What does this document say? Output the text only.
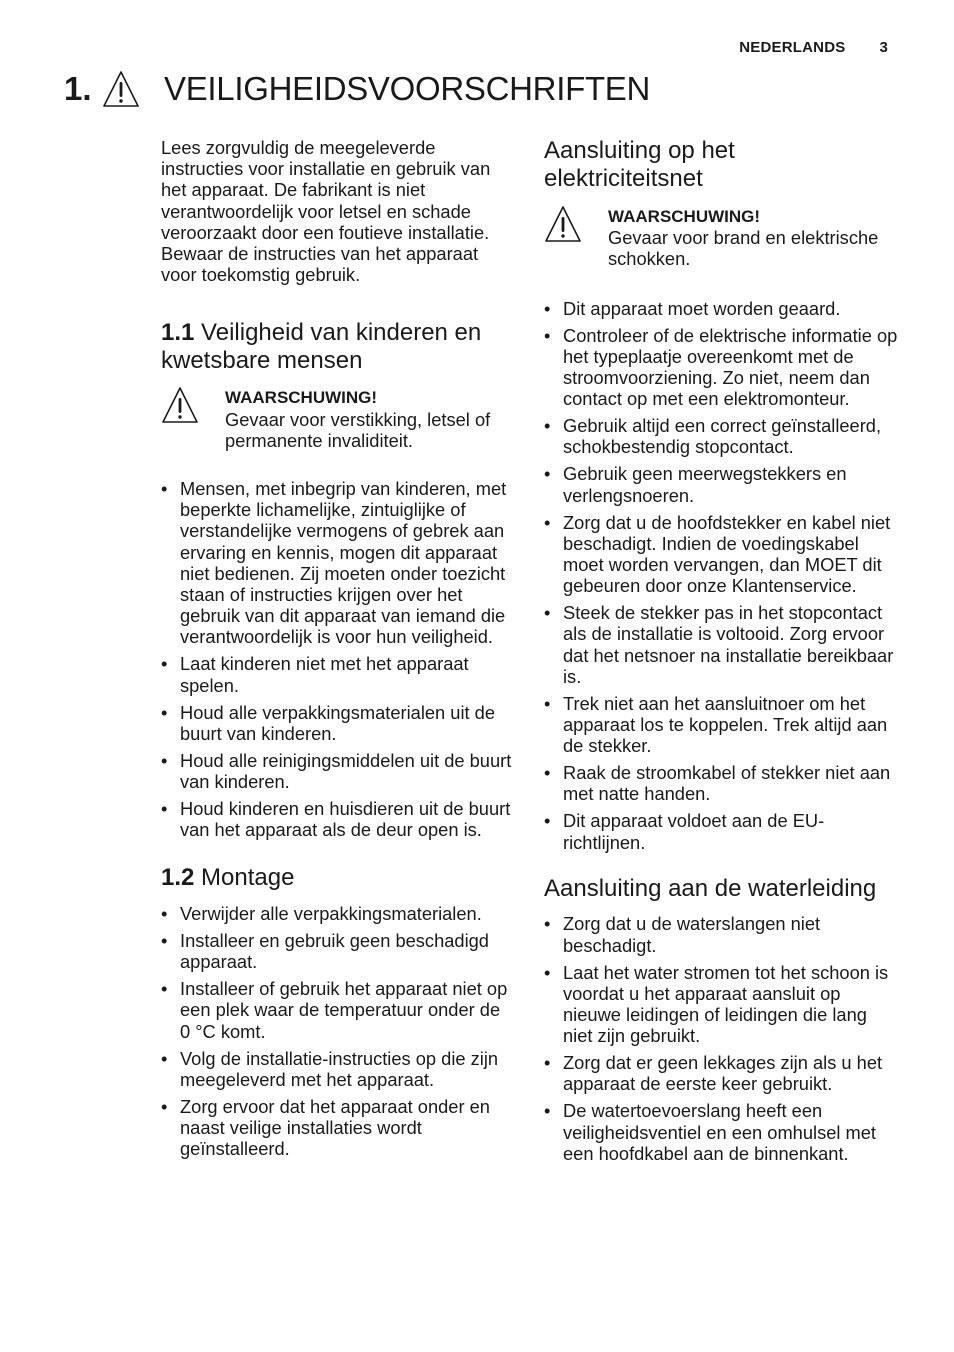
NEDERLANDS 3
1.	VEILIGHEIDSVOORSCHRIFTEN

Lees zorgvuldig de meegeleverde instructies voor installatie en gebruik van het apparaat. De fabrikant is niet verantwoordelijk voor letsel en schade veroorzaakt door een foutieve installatie. Bewaar de instructies van het apparaat voor toekomstig gebruik.

1.1 Veiligheid van kinderen en kwetsbare mensen
WAARSCHUWING!
Gevaar voor verstikking, letsel of permanente invaliditeit.
• Mensen, met inbegrip van kinderen, met beperkte lichamelijke, zintuiglijke of verstandelijke vermogens of gebrek aan ervaring en kennis, mogen dit apparaat niet bedienen. Zij moeten onder toezicht staan of instructies krijgen over het gebruik van dit apparaat van iemand die verantwoordelijk is voor hun veiligheid.
• Laat kinderen niet met het apparaat spelen.
• Houd alle verpakkingsmaterialen uit de buurt van kinderen.
• Houd alle reinigingsmiddelen uit de buurt van kinderen.
• Houd kinderen en huisdieren uit de buurt van het apparaat als de deur open is.
1.2 Montage
• Verwijder alle verpakkingsmaterialen.
• Installeer en gebruik geen beschadigd apparaat.
• Installeer of gebruik het apparaat niet op een plek waar de temperatuur onder de 0 °C komt.
• Volg de installatie-instructies op die zijn meegeleverd met het apparaat.
• Zorg ervoor dat het apparaat onder en naast veilige installaties wordt geïnstalleerd.
Aansluiting op het elektriciteitsnet
WAARSCHUWING!
Gevaar voor brand en elektrische schokken.
• Dit apparaat moet worden geaard.
• Controleer of de elektrische informatie op het typeplaatje overeenkomt met de stroomvoorziening. Zo niet, neem dan contact op met een elektromonteur.
• Gebruik altijd een correct geïnstalleerd, schokbestendig stopcontact.
• Gebruik geen meerwegstekkers en verlengsnoeren.
• Zorg dat u de hoofdstekker en kabel niet beschadigt. Indien de voedingskabel moet worden vervangen, dan MOET dit gebeuren door onze Klantenservice.
• Steek de stekker pas in het stopcontact als de installatie is voltooid. Zorg ervoor dat het netsnoer na installatie bereikbaar is.
• Trek niet aan het aansluitnoer om het apparaat los te koppelen. Trek altijd aan de stekker.
• Raak de stroomkabel of stekker niet aan met natte handen.
• Dit apparaat voldoet aan de EU-richtlijnen.
Aansluiting aan de waterleiding
• Zorg dat u de waterslangen niet beschadigt.
• Laat het water stromen tot het schoon is voordat u het apparaat aansluit op nieuwe leidingen of leidingen die lang niet zijn gebruikt.
• Zorg dat er geen lekkages zijn als u het apparaat de eerste keer gebruikt.
• De watertoevoerslang heeft een veiligheidsventiel en een omhulsel met een hoofdkabel aan de binnenkant.
